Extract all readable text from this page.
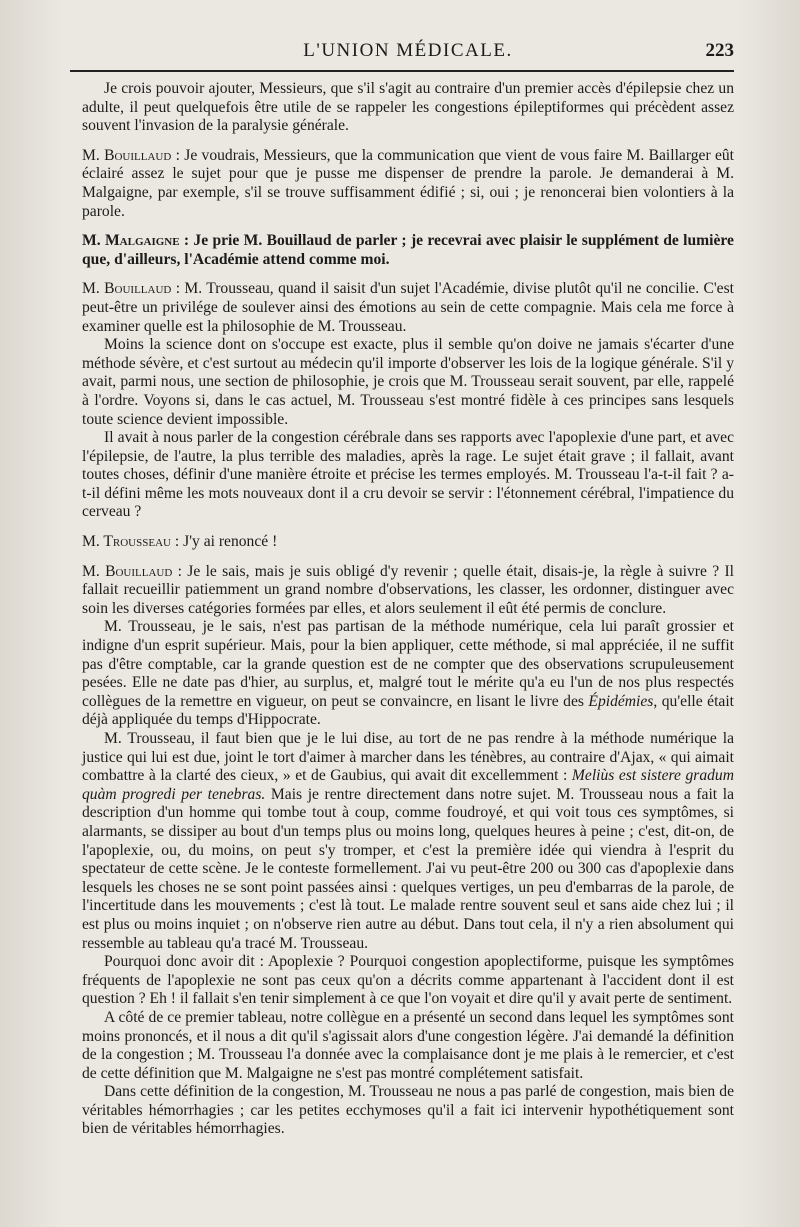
L'UNION MÉDICALE.	223

Je crois pouvoir ajouter, Messieurs, que s'il s'agit au contraire d'un premier accès d'épilepsie chez un adulte, il peut quelquefois être utile de se rappeler les congestions épileptiformes qui précèdent assez souvent l'invasion de la paralysie générale.

M. Bouillaud : Je voudrais, Messieurs, que la communication que vient de vous faire M. Baillarger eût éclairé assez le sujet pour que je pusse me dispenser de prendre la parole. Je demanderai à M. Malgaigne, par exemple, s'il se trouve suffisamment édifié ; si, oui ; je renoncerai bien volontiers à la parole.

M. Malgaigne : Je prie M. Bouillaud de parler ; je recevrai avec plaisir le supplément de lumière que, d'ailleurs, l'Académie attend comme moi.

M. Bouillaud : M. Trousseau, quand il saisit d'un sujet l'Académie, divise plutôt qu'il ne concilie. C'est peut-être un privilége de soulever ainsi des émotions au sein de cette compagnie. Mais cela me force à examiner quelle est la philosophie de M. Trousseau.

Moins la science dont on s'occupe est exacte, plus il semble qu'on doive ne jamais s'écarter d'une méthode sévère, et c'est surtout au médecin qu'il importe d'observer les lois de la logique générale. S'il y avait, parmi nous, une section de philosophie, je crois que M. Trousseau serait souvent, par elle, rappelé à l'ordre. Voyons si, dans le cas actuel, M. Trousseau s'est montré fidèle à ces principes sans lesquels toute science devient impossible.

Il avait à nous parler de la congestion cérébrale dans ses rapports avec l'apoplexie d'une part, et avec l'épilepsie, de l'autre, la plus terrible des maladies, après la rage. Le sujet était grave ; il fallait, avant toutes choses, définir d'une manière étroite et précise les termes employés. M. Trousseau l'a-t-il fait ? a-t-il défini même les mots nouveaux dont il a cru devoir se servir : l'étonnement cérébral, l'impatience du cerveau ?

M. Trousseau : J'y ai renoncé !

M. Bouillaud : Je le sais, mais je suis obligé d'y revenir ; quelle était, disais-je, la règle à suivre ? Il fallait recueillir patiemment un grand nombre d'observations, les classer, les ordonner, distinguer avec soin les diverses catégories formées par elles, et alors seulement il eût été permis de conclure.

M. Trousseau, je le sais, n'est pas partisan de la méthode numérique, cela lui paraît grossier et indigne d'un esprit supérieur. Mais, pour la bien appliquer, cette méthode, si mal appréciée, il ne suffit pas d'être comptable, car la grande question est de ne compter que des observations scrupuleusement pesées. Elle ne date pas d'hier, au surplus, et, malgré tout le mérite qu'a eu l'un de nos plus respectés collègues de la remettre en vigueur, on peut se convaincre, en lisant le livre des Épidémies, qu'elle était déjà appliquée du temps d'Hippocrate.

M. Trousseau, il faut bien que je le lui dise, au tort de ne pas rendre à la méthode numérique la justice qui lui est due, joint le tort d'aimer à marcher dans les ténèbres, au contraire d'Ajax, « qui aimait combattre à la clarté des cieux, » et de Gaubius, qui avait dit excellemment : Meliùs est sistere gradum quàm progredi per tenebras. Mais je rentre directement dans notre sujet. M. Trousseau nous a fait la description d'un homme qui tombe tout à coup, comme foudroyé, et qui voit tous ces symptômes, si alarmants, se dissiper au bout d'un temps plus ou moins long, quelques heures à peine ; c'est, dit-on, de l'apoplexie, ou, du moins, on peut s'y tromper, et c'est la première idée qui viendra à l'esprit du spectateur de cette scène. Je le conteste formellement. J'ai vu peut-être 200 ou 300 cas d'apoplexie dans lesquels les choses ne se sont point passées ainsi : quelques vertiges, un peu d'embarras de la parole, de l'incertitude dans les mouvements ; c'est là tout. Le malade rentre souvent seul et sans aide chez lui ; il est plus ou moins inquiet ; on n'observe rien autre au début. Dans tout cela, il n'y a rien absolument qui ressemble au tableau qu'a tracé M. Trousseau.

Pourquoi donc avoir dit : Apoplexie ? Pourquoi congestion apoplectiforme, puisque les symptômes fréquents de l'apoplexie ne sont pas ceux qu'on a décrits comme appartenant à l'accident dont il est question ? Eh ! il fallait s'en tenir simplement à ce que l'on voyait et dire qu'il y avait perte de sentiment.

A côté de ce premier tableau, notre collègue en a présenté un second dans lequel les symptômes sont moins prononcés, et il nous a dit qu'il s'agissait alors d'une congestion légère. J'ai demandé la définition de la congestion ; M. Trousseau l'a donnée avec la complaisance dont je me plais à le remercier, et c'est de cette définition que M. Malgaigne ne s'est pas montré complétement satisfait.

Dans cette définition de la congestion, M. Trousseau ne nous a pas parlé de congestion, mais bien de véritables hémorrhagies ; car les petites ecchymoses qu'il a fait ici intervenir hypothétiquement sont bien de véritables hémorrhagies.
